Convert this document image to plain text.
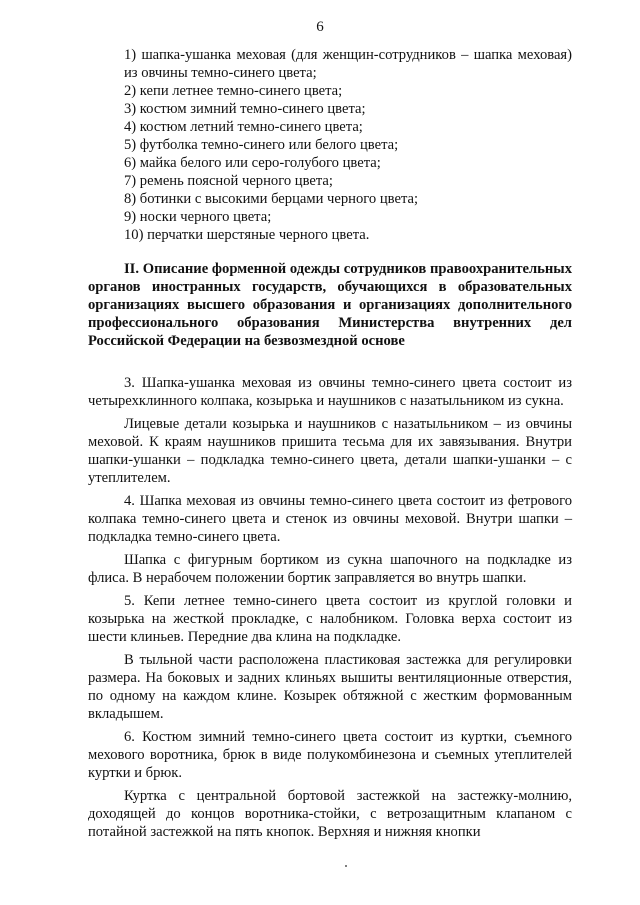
6

1) шапка-ушанка меховая (для женщин-сотрудников – шапка меховая) из овчины темно-синего цвета;

2) кепи летнее темно-синего цвета;

3) костюм зимний темно-синего цвета;

4) костюм летний темно-синего цвета;

5) футболка темно-синего или белого цвета;

6) майка белого или серо-голубого цвета;

7) ремень поясной черного цвета;

8) ботинки с высокими берцами черного цвета;

9) носки черного цвета;

10) перчатки шерстяные черного цвета.

II. Описание форменной одежды сотрудников правоохранительных органов иностранных государств, обучающихся в образовательных организациях высшего образования и организациях дополнительного профессионального образования Министерства внутренних дел Российской Федерации на безвозмездной основе

3. Шапка-ушанка меховая из овчины темно-синего цвета состоит из четырехклинного колпака, козырька и наушников с назатыльником из сукна.

Лицевые детали козырька и наушников с назатыльником – из овчины меховой. К краям наушников пришита тесьма для их завязывания. Внутри шапки-ушанки – подкладка темно-синего цвета, детали шапки-ушанки – с утеплителем.

4. Шапка меховая из овчины темно-синего цвета состоит из фетрового колпака темно-синего цвета и стенок из овчины меховой. Внутри шапки – подкладка темно-синего цвета.

Шапка с фигурным бортиком из сукна шапочного на подкладке из флиса. В нерабочем положении бортик заправляется во внутрь шапки.

5. Кепи летнее темно-синего цвета состоит из круглой головки и козырька на жесткой прокладке, с налобником. Головка верха состоит из шести клиньев. Передние два клина на подкладке.

В тыльной части расположена пластиковая застежка для регулировки размера. На боковых и задних клиньях вышиты вентиляционные отверстия, по одному на каждом клине. Козырек обтяжной с жестким формованным вкладышем.

6. Костюм зимний темно-синего цвета состоит из куртки, съемного мехового воротника, брюк в виде полукомбинезона и съемных утеплителей куртки и брюк.

Куртка с центральной бортовой застежкой на застежку-молнию, доходящей до концов воротника-стойки, с ветрозащитным клапаном с потайной застежкой на пять кнопок. Верхняя и нижняя кнопки
